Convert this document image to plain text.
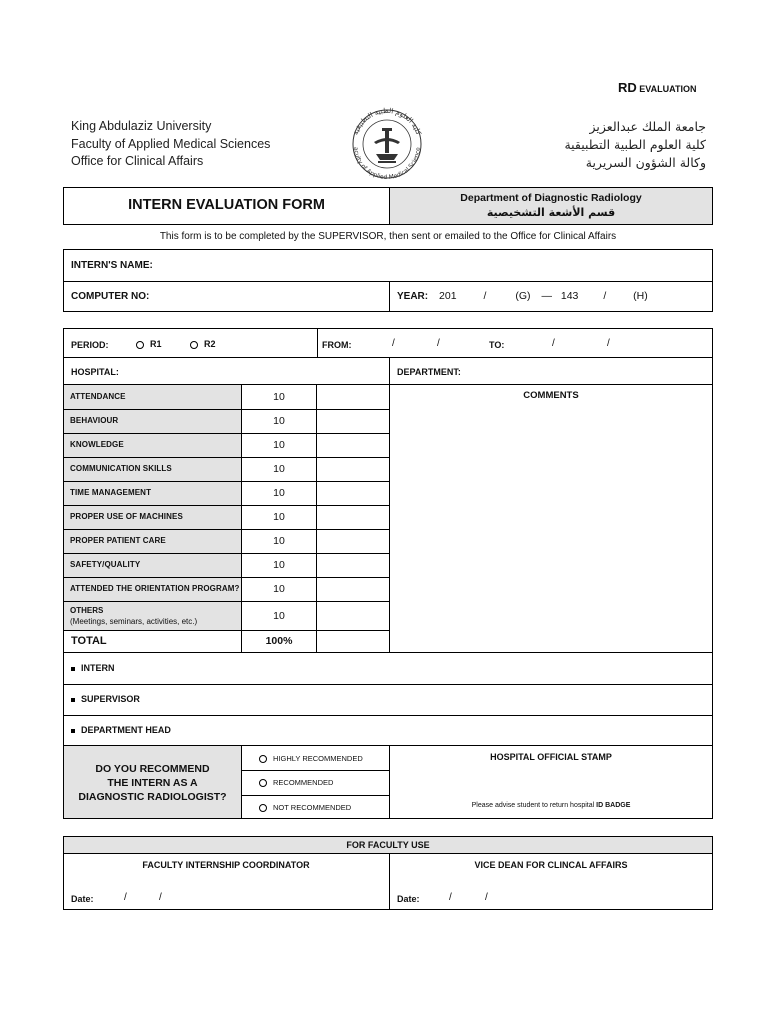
RD EVALUATION
King Abdulaziz University
Faculty of Applied Medical Sciences
Office for Clinical Affairs
كلية العلوم الطبية التطبيقية
aculty of Applied Medical Science
جامعة الملك عبدالعزيز
كلية العلوم الطبية التطبيقية
وكالة الشؤون السريرية
INTERN EVALUATION FORM	Department of Diagnostic Radiology
قسم الأشعة التشخيصية
This form is to be completed by the SUPERVISOR, then sent or emailed to the Office for Clinical Affairs
INTERN'S NAME:
COMPUTER NO:	YEAR: 201	/	(G) — 143 /	(H)
PERIOD:	R1	R2	FROM:	/	/	TO:	/	/
HOSPITAL:	DEPARTMENT:
ATTENDANCE	10
BEHAVIOUR	10
KNOWLEDGE	10
COMMUNICATION SKILLS	10
TIME MANAGEMENT	10
PROPER USE OF MACHINES	10
PROPER PATIENT CARE	10
SAFETY/QUALITY	10
ATTENDED THE ORIENTATION PROGRAM?	10
OTHERS
(Meetings, seminars, activities, etc.)	10
TOTAL	100%
COMMENTS
INTERN
SUPERVISOR
DEPARTMENT HEAD
DO YOU RECOMMEND
THE INTERN AS A
DIAGNOSTIC RADIOLOGIST?
HIGHLY RECOMMENDED
RECOMMENDED
NOT RECOMMENDED
HOSPITAL OFFICIAL STAMP
Please advise student to return hospital ID BADGE
FOR FACULTY USE
FACULTY INTERNSHIP COORDINATOR	VICE DEAN FOR CLINCAL AFFAIRS
Date:	/	/	Date:	/	/
